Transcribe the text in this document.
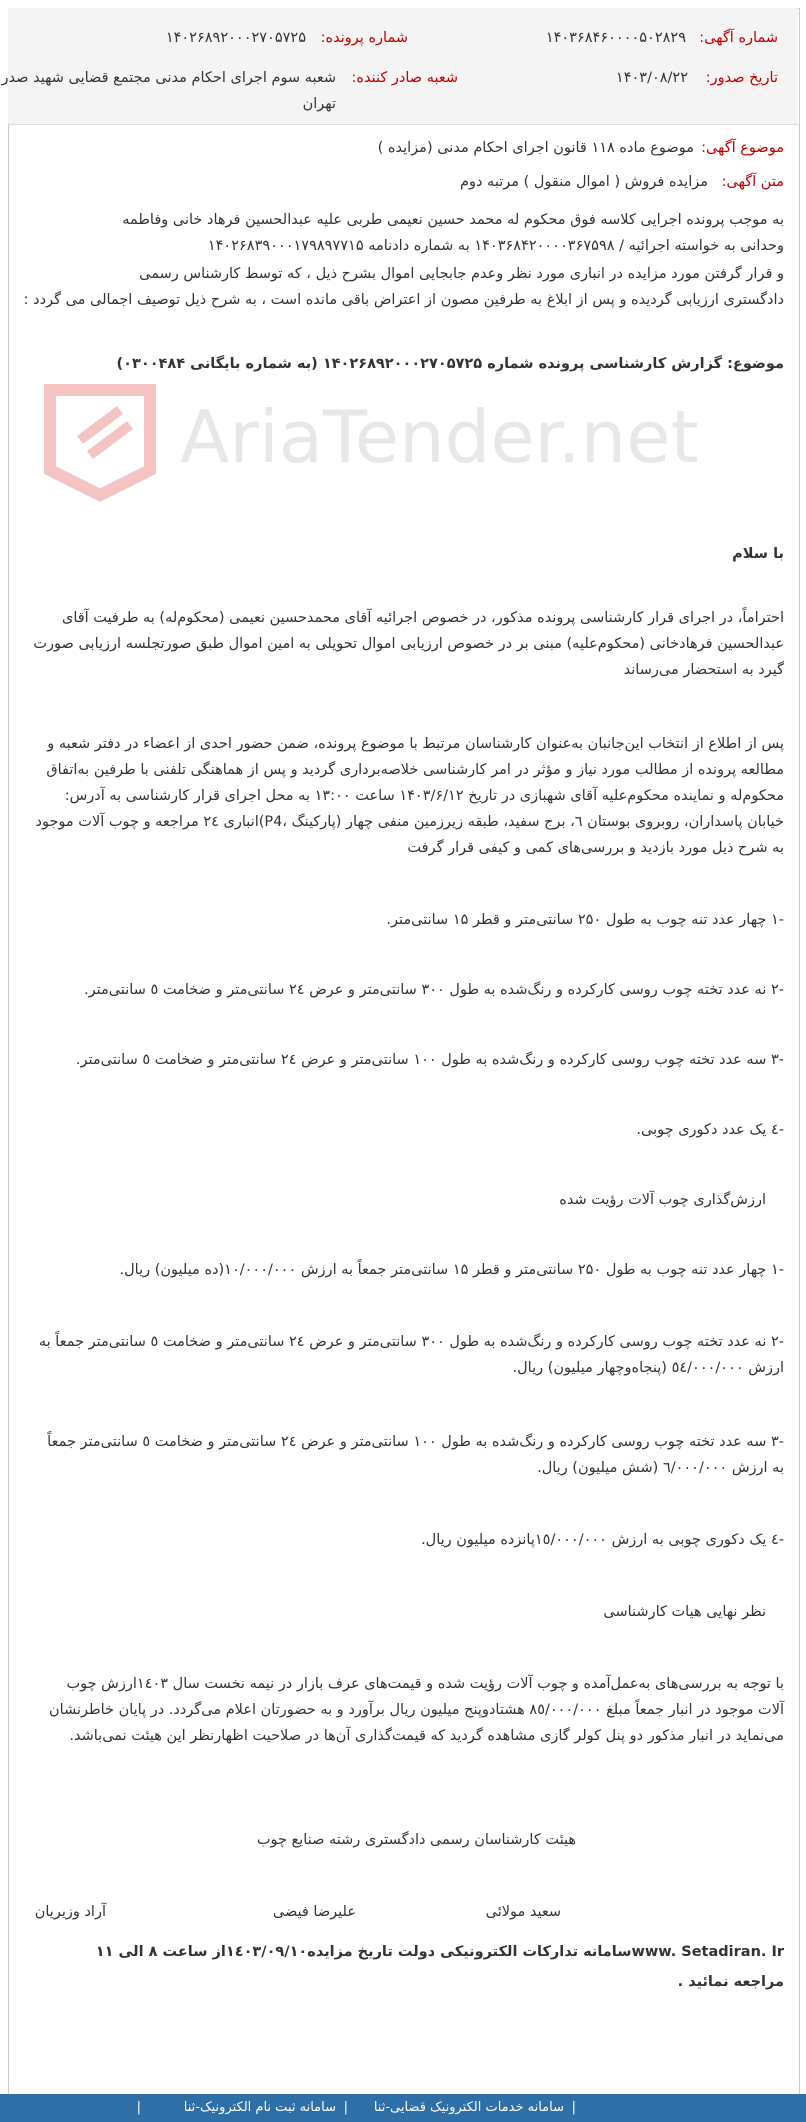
شماره آگهی:
۱۴۰۳۶۸۴۶۰۰۰۰۵۰۲۸۲۹
شماره پرونده:
۱۴۰۲۶۸۹۲۰۰۰۲۷۰۵۷۲۵
تاریخ صدور:
۱۴۰۳/۰۸/۲۲
شعبه صادر کننده:
شعبه سوم اجرای احکام مدنی مجتمع قضایی شهید صدر
تهران
موضوع آگهی:
موضوع ماده ۱۱۸ قانون اجرای احکام مدنی (مزایده )
متن آگهی:
مزایده فروش ( اموال منقول ) مرتبه دوم
به موجب پرونده اجرایی کلاسه فوق محکوم له محمد حسین نعیمی طربی علیه عبدالحسین فرهاد خانی وفاطمه
وحدانی به خواسته اجرائیه / ۱۴۰۳۶۸۴۲۰۰۰۰۳۶۷۵۹۸ به شماره دادنامه ۱۴۰۲۶۸۳۹۰۰۰۱۷۹۸۹۷۷۱۵
و قرار گرفتن مورد مزایده در انباری مورد نظر وعدم جابجایی اموال بشرح ذیل ، که توسط کارشناس رسمی
دادگستری ارزیابی گردیده و پس از ابلاغ به طرفین مصون از اعتراض باقی مانده است ، به شرح ذیل توصیف اجمالی می گردد :
AriaTender.net
موضوع: گزارش کارشناسی پرونده شماره ۱۴۰۲۶۸۹۲۰۰۰۲۷۰۵۷۲۵ (به شماره بایگانی ۰۳۰۰۴۸۴)
با سلام
احتراماً، در اجرای قرار کارشناسی پرونده مذکور، در خصوص اجرائیه آقای محمدحسین نعیمی (محکوم‌له) به طرفیت آقای
عبدالحسین فرهادخانی (محکوم‌علیه) مبنی بر در خصوص ارزیابی اموال تحویلی به امین اموال طبق صورتجلسه ارزیابی صورت
گیرد به استحضار می‌رساند
پس از اطلاع از انتخاب این‌جانبان به‌عنوان کارشناسان مرتبط با موضوع پرونده، ضمن حضور احدی از اعضاء در دفتر شعبه و
مطالعه پرونده از مطالب مورد نیاز و مؤثر در امر کارشناسی خلاصه‌برداری گردید و پس از هماهنگی تلفنی با طرفین به‌اتفاق
محکوم‌له و نماینده محکوم‌علیه آقای شهبازی در تاریخ ۱۴۰۳/۶/۱۲ ساعت ۱۳:۰۰ به محل اجرای قرار کارشناسی به آدرس:
خیابان پاسداران، روبروی بوستان ٦، برج سفید، طبقه زیرزمین منفی چهار (پارکینگ ،P4)انباری ٢٤ مراجعه و چوب آلات موجود
به شرح ذیل مورد بازدید و بررسی‌های کمی و کیفی قرار گرفت
-۱ چهار عدد تنه چوب به طول ۲۵۰ سانتی‌متر و قطر ۱۵ سانتی‌متر.
-۲ نه عدد تخته چوب روسی کارکرده و رنگ‌شده به طول ۳۰۰ سانتی‌متر و عرض ٢٤ سانتی‌متر و ضخامت ٥ سانتی‌متر.
-۳ سه عدد تخته چوب روسی کارکرده و رنگ‌شده به طول ۱۰۰ سانتی‌متر و عرض ٢٤ سانتی‌متر و ضخامت ٥ سانتی‌متر.
-٤ یک عدد دکوری چوبی.
ارزش‌گذاری چوب آلات رؤیت شده
-۱ چهار عدد تنه چوب به طول ۲۵۰ سانتی‌متر و قطر ۱۵ سانتی‌متر جمعاً به ارزش ۱۰/۰۰۰/۰۰۰(ده میلیون) ریال.
-۲ نه عدد تخته چوب روسی کارکرده و رنگ‌شده به طول ۳۰۰ سانتی‌متر و عرض ٢٤ سانتی‌متر و ضخامت ٥ سانتی‌متر جمعاً به
ارزش ٥٤/۰۰۰/۰۰۰ (پنجاه‌وچهار میلیون) ریال.
-۳ سه عدد تخته چوب روسی کارکرده و رنگ‌شده به طول ۱۰۰ سانتی‌متر و عرض ٢٤ سانتی‌متر و ضخامت ٥ سانتی‌متر جمعاً
به ارزش ٦/۰۰۰/۰۰۰ (شش میلیون) ریال.
-٤ یک دکوری چوبی به ارزش ۱٥/۰۰۰/۰۰۰پانزده میلیون ریال.
نظر نهایی هیات کارشناسی
با توجه به بررسی‌های به‌عمل‌آمده و چوب آلات رؤیت شده و قیمت‌های عرف بازار در نیمه نخست سال ۱٤۰۳ارزش چوب
آلات موجود در انبار جمعاً مبلغ ۸٥/۰۰۰/۰۰۰ هشتادوپنج میلیون ریال برآورد و به حضورتان اعلام می‌گردد. در پایان خاطرنشان
می‌نماید در انبار مذکور دو پنل کولر گازی مشاهده گردید که قیمت‌گذاری آن‌ها در صلاحیت اظهارنظر این هیئت نمی‌باشد.
هیئت کارشناسان رسمی دادگستری رشته صنایع چوب
سعید مولائی
علیرضا فیضی
آراد وزیریان
www. Setadiran. Irسامانه تدارکات الکترونیکی دولت تاریخ مزایده۱٤۰۳/۰۹/۱۰از ساعت ۸ الی ۱۱
مراجعه نمائید .
|
سامانه خدمات الکترونیک قضایی-ثنا
|
سامانه ثبت نام الکترونیک-ثنا
|
